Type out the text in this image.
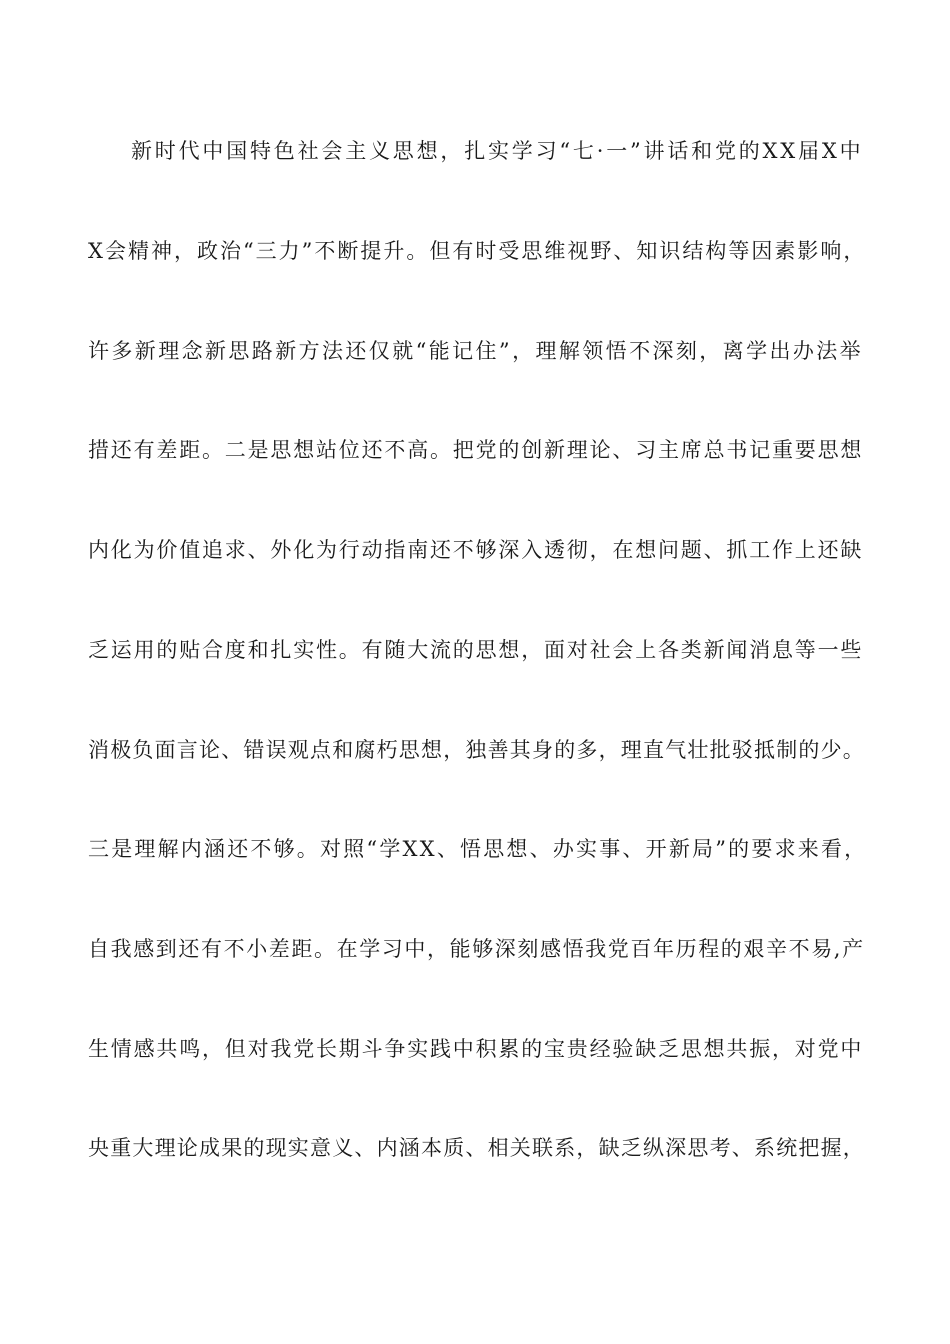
新时代中国特色社会主义思想，扎实学习“七·一”讲话和党的XX届X中
X会精神，政治“三力”不断提升。但有时受思维视野、知识结构等因素影响，
许多新理念新思路新方法还仅就“能记住”，理解领悟不深刻，离学出办法举
措还有差距。二是思想站位还不高。把党的创新理论、习主席总书记重要思想
内化为价值追求、外化为行动指南还不够深入透彻，在想问题、抓工作上还缺
乏运用的贴合度和扎实性。有随大流的思想，面对社会上各类新闻消息等一些
消极负面言论、错误观点和腐朽思想，独善其身的多，理直气壮批驳抵制的少。
三是理解内涵还不够。对照“学XX、悟思想、办实事、开新局”的要求来看，
自我感到还有不小差距。在学习中，能够深刻感悟我党百年历程的艰辛不易,产
生情感共鸣，但对我党长期斗争实践中积累的宝贵经验缺乏思想共振，对党中
央重大理论成果的现实意义、内涵本质、相关联系，缺乏纵深思考、系统把握，
